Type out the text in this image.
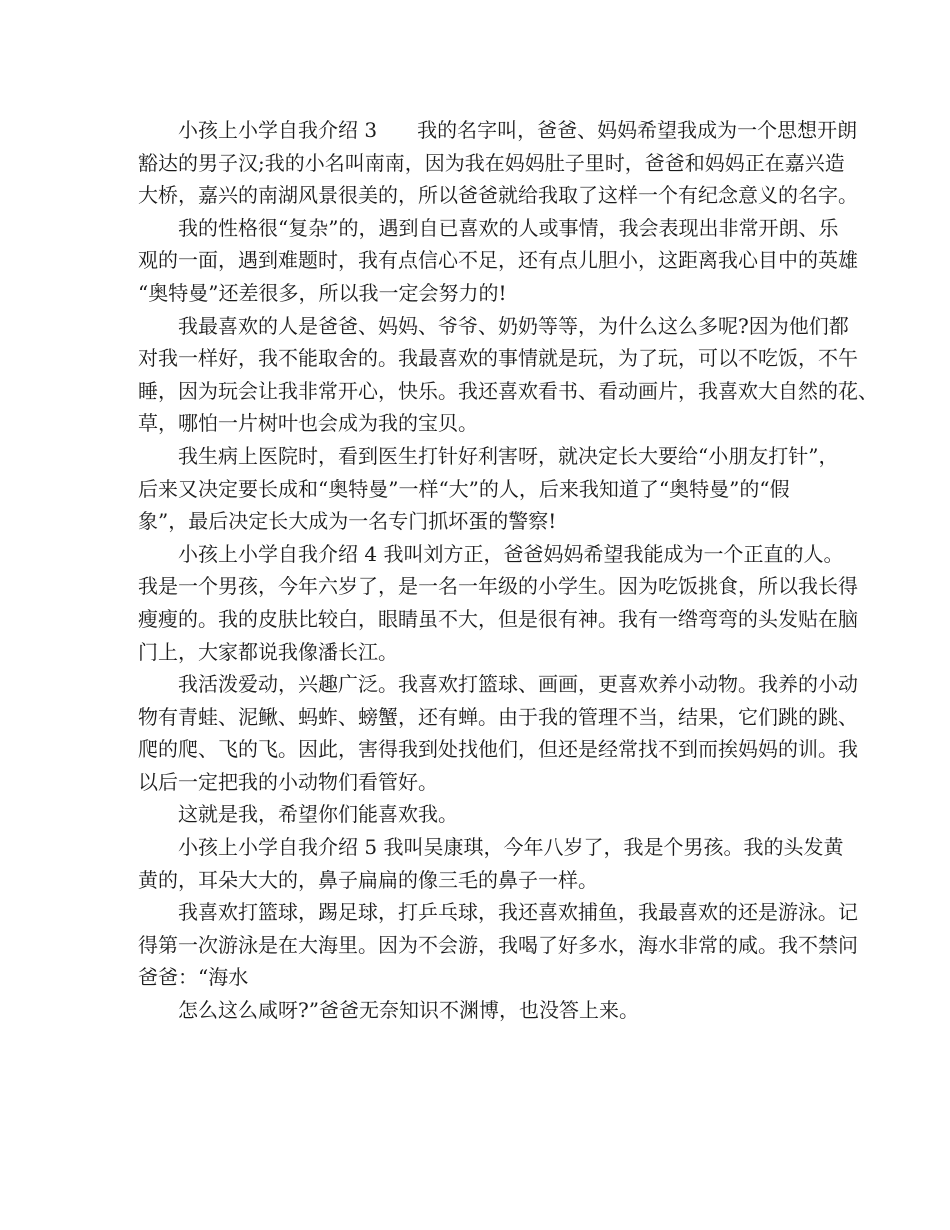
小孩上小学自我介绍 3　　我的名字叫，爸爸、妈妈希望我成为一个思想开朗
豁达的男子汉;我的小名叫南南，因为我在妈妈肚子里时，爸爸和妈妈正在嘉兴造
大桥，嘉兴的南湖风景很美的，所以爸爸就给我取了这样一个有纪念意义的名字。

我的性格很“复杂”的，遇到自已喜欢的人或事情，我会表现出非常开朗、乐
观的一面，遇到难题时，我有点信心不足，还有点儿胆小，这距离我心目中的英雄
“奥特曼”还差很多，所以我一定会努力的!

我最喜欢的人是爸爸、妈妈、爷爷、奶奶等等，为什么这么多呢?因为他们都
对我一样好，我不能取舍的。我最喜欢的事情就是玩，为了玩，可以不吃饭，不午
睡，因为玩会让我非常开心，快乐。我还喜欢看书、看动画片，我喜欢大自然的花、
草，哪怕一片树叶也会成为我的宝贝。

我生病上医院时，看到医生打针好利害呀，就决定长大要给“小朋友打针”，
后来又决定要长成和“奥特曼”一样“大”的人，后来我知道了“奥特曼”的“假
象”，最后决定长大成为一名专门抓坏蛋的警察!

小孩上小学自我介绍 4 我叫刘方正，爸爸妈妈希望我能成为一个正直的人。
我是一个男孩，今年六岁了，是一名一年级的小学生。因为吃饭挑食，所以我长得
瘦瘦的。我的皮肤比较白，眼睛虽不大，但是很有神。我有一绺弯弯的头发贴在脑
门上，大家都说我像潘长江。

我活泼爱动，兴趣广泛。我喜欢打篮球、画画，更喜欢养小动物。我养的小动
物有青蛙、泥鳅、蚂蚱、螃蟹，还有蝉。由于我的管理不当，结果，它们跳的跳、
爬的爬、飞的飞。因此，害得我到处找他们，但还是经常找不到而挨妈妈的训。我
以后一定把我的小动物们看管好。

这就是我，希望你们能喜欢我。

小孩上小学自我介绍 5 我叫吴康琪，今年八岁了，我是个男孩。我的头发黄
黄的，耳朵大大的，鼻子扁扁的像三毛的鼻子一样。

我喜欢打篮球，踢足球，打乒乓球，我还喜欢捕鱼，我最喜欢的还是游泳。记
得第一次游泳是在大海里。因为不会游，我喝了好多水，海水非常的咸。我不禁问
爸爸：“海水

怎么这么咸呀?”爸爸无奈知识不渊博，也没答上来。
